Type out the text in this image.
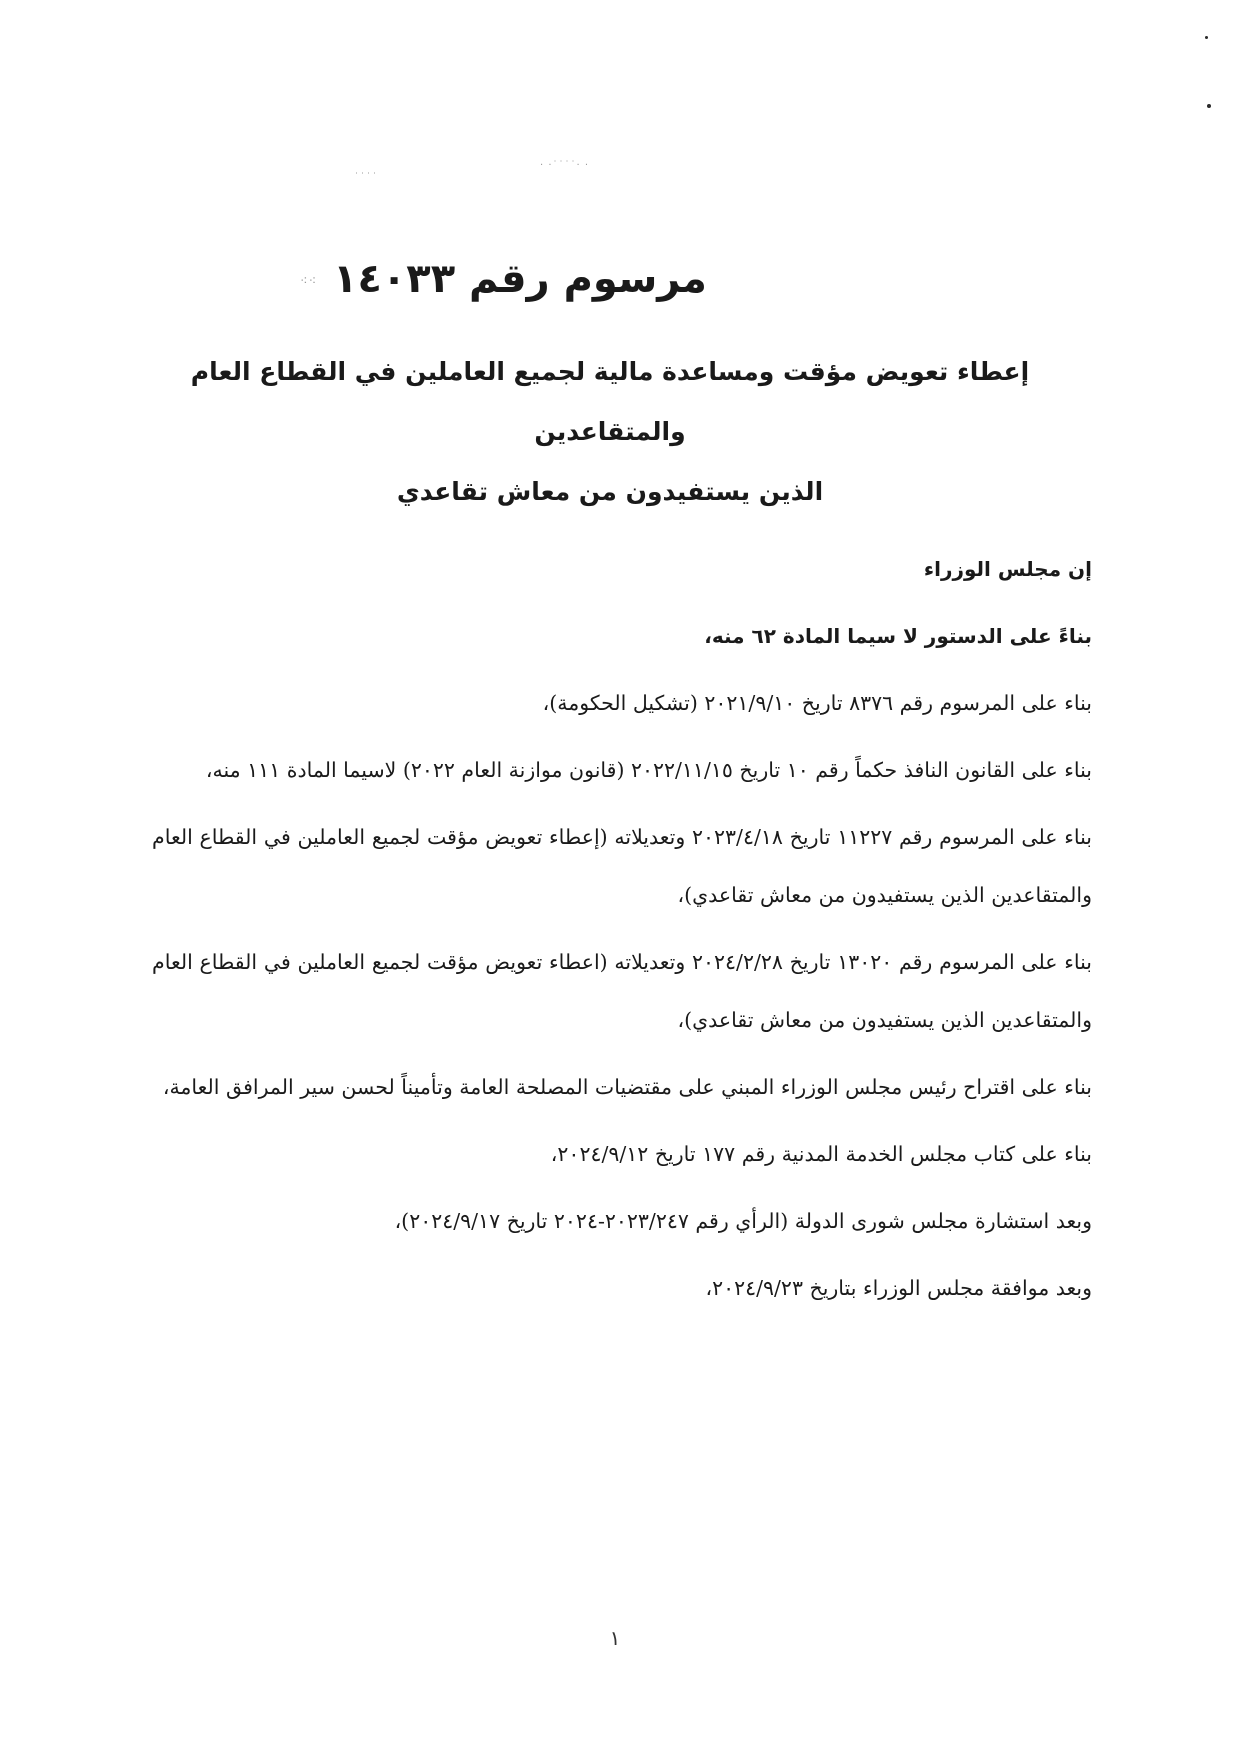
˙˙˙˙
· ·˙˙˙˙· ·
⁖⁖ مرسوم رقم ١٤٠٣٣
إعطاء تعويض مؤقت ومساعدة مالية لجميع العاملين في القطاع العام والمتقاعدين
الذين يستفيدون من معاش تقاعدي

إن مجلس الوزراء

بناءً على الدستور لا سيما المادة ٦٢ منه،

بناء على المرسوم رقم ٨٣٧٦ تاريخ ٢٠٢١/٩/١٠ (تشكيل الحكومة)،

بناء على القانون النافذ حكماً رقم ١٠ تاريخ ٢٠٢٢/١١/١٥ (قانون موازنة العام ٢٠٢٢) لاسيما المادة ١١١ منه،

بناء على المرسوم رقم ١١٢٢٧ تاريخ ٢٠٢٣/٤/١٨ وتعديلاته (إعطاء تعويض مؤقت لجميع العاملين في القطاع العام والمتقاعدين الذين يستفيدون من معاش تقاعدي)،

بناء على المرسوم رقم ١٣٠٢٠ تاريخ ٢٠٢٤/٢/٢٨ وتعديلاته (اعطاء تعويض مؤقت لجميع العاملين في القطاع العام والمتقاعدين الذين يستفيدون من معاش تقاعدي)،

بناء على اقتراح رئيس مجلس الوزراء المبني على مقتضيات المصلحة العامة وتأميناً لحسن سير المرافق العامة،

بناء على كتاب مجلس الخدمة المدنية رقم ١٧٧ تاريخ ٢٠٢٤/٩/١٢،

وبعد استشارة مجلس شورى الدولة (الرأي رقم ٢٠٢٣/٢٤٧-٢٠٢٤ تاريخ ٢٠٢٤/٩/١٧)،

وبعد موافقة مجلس الوزراء بتاريخ ٢٠٢٤/٩/٢٣،

١
